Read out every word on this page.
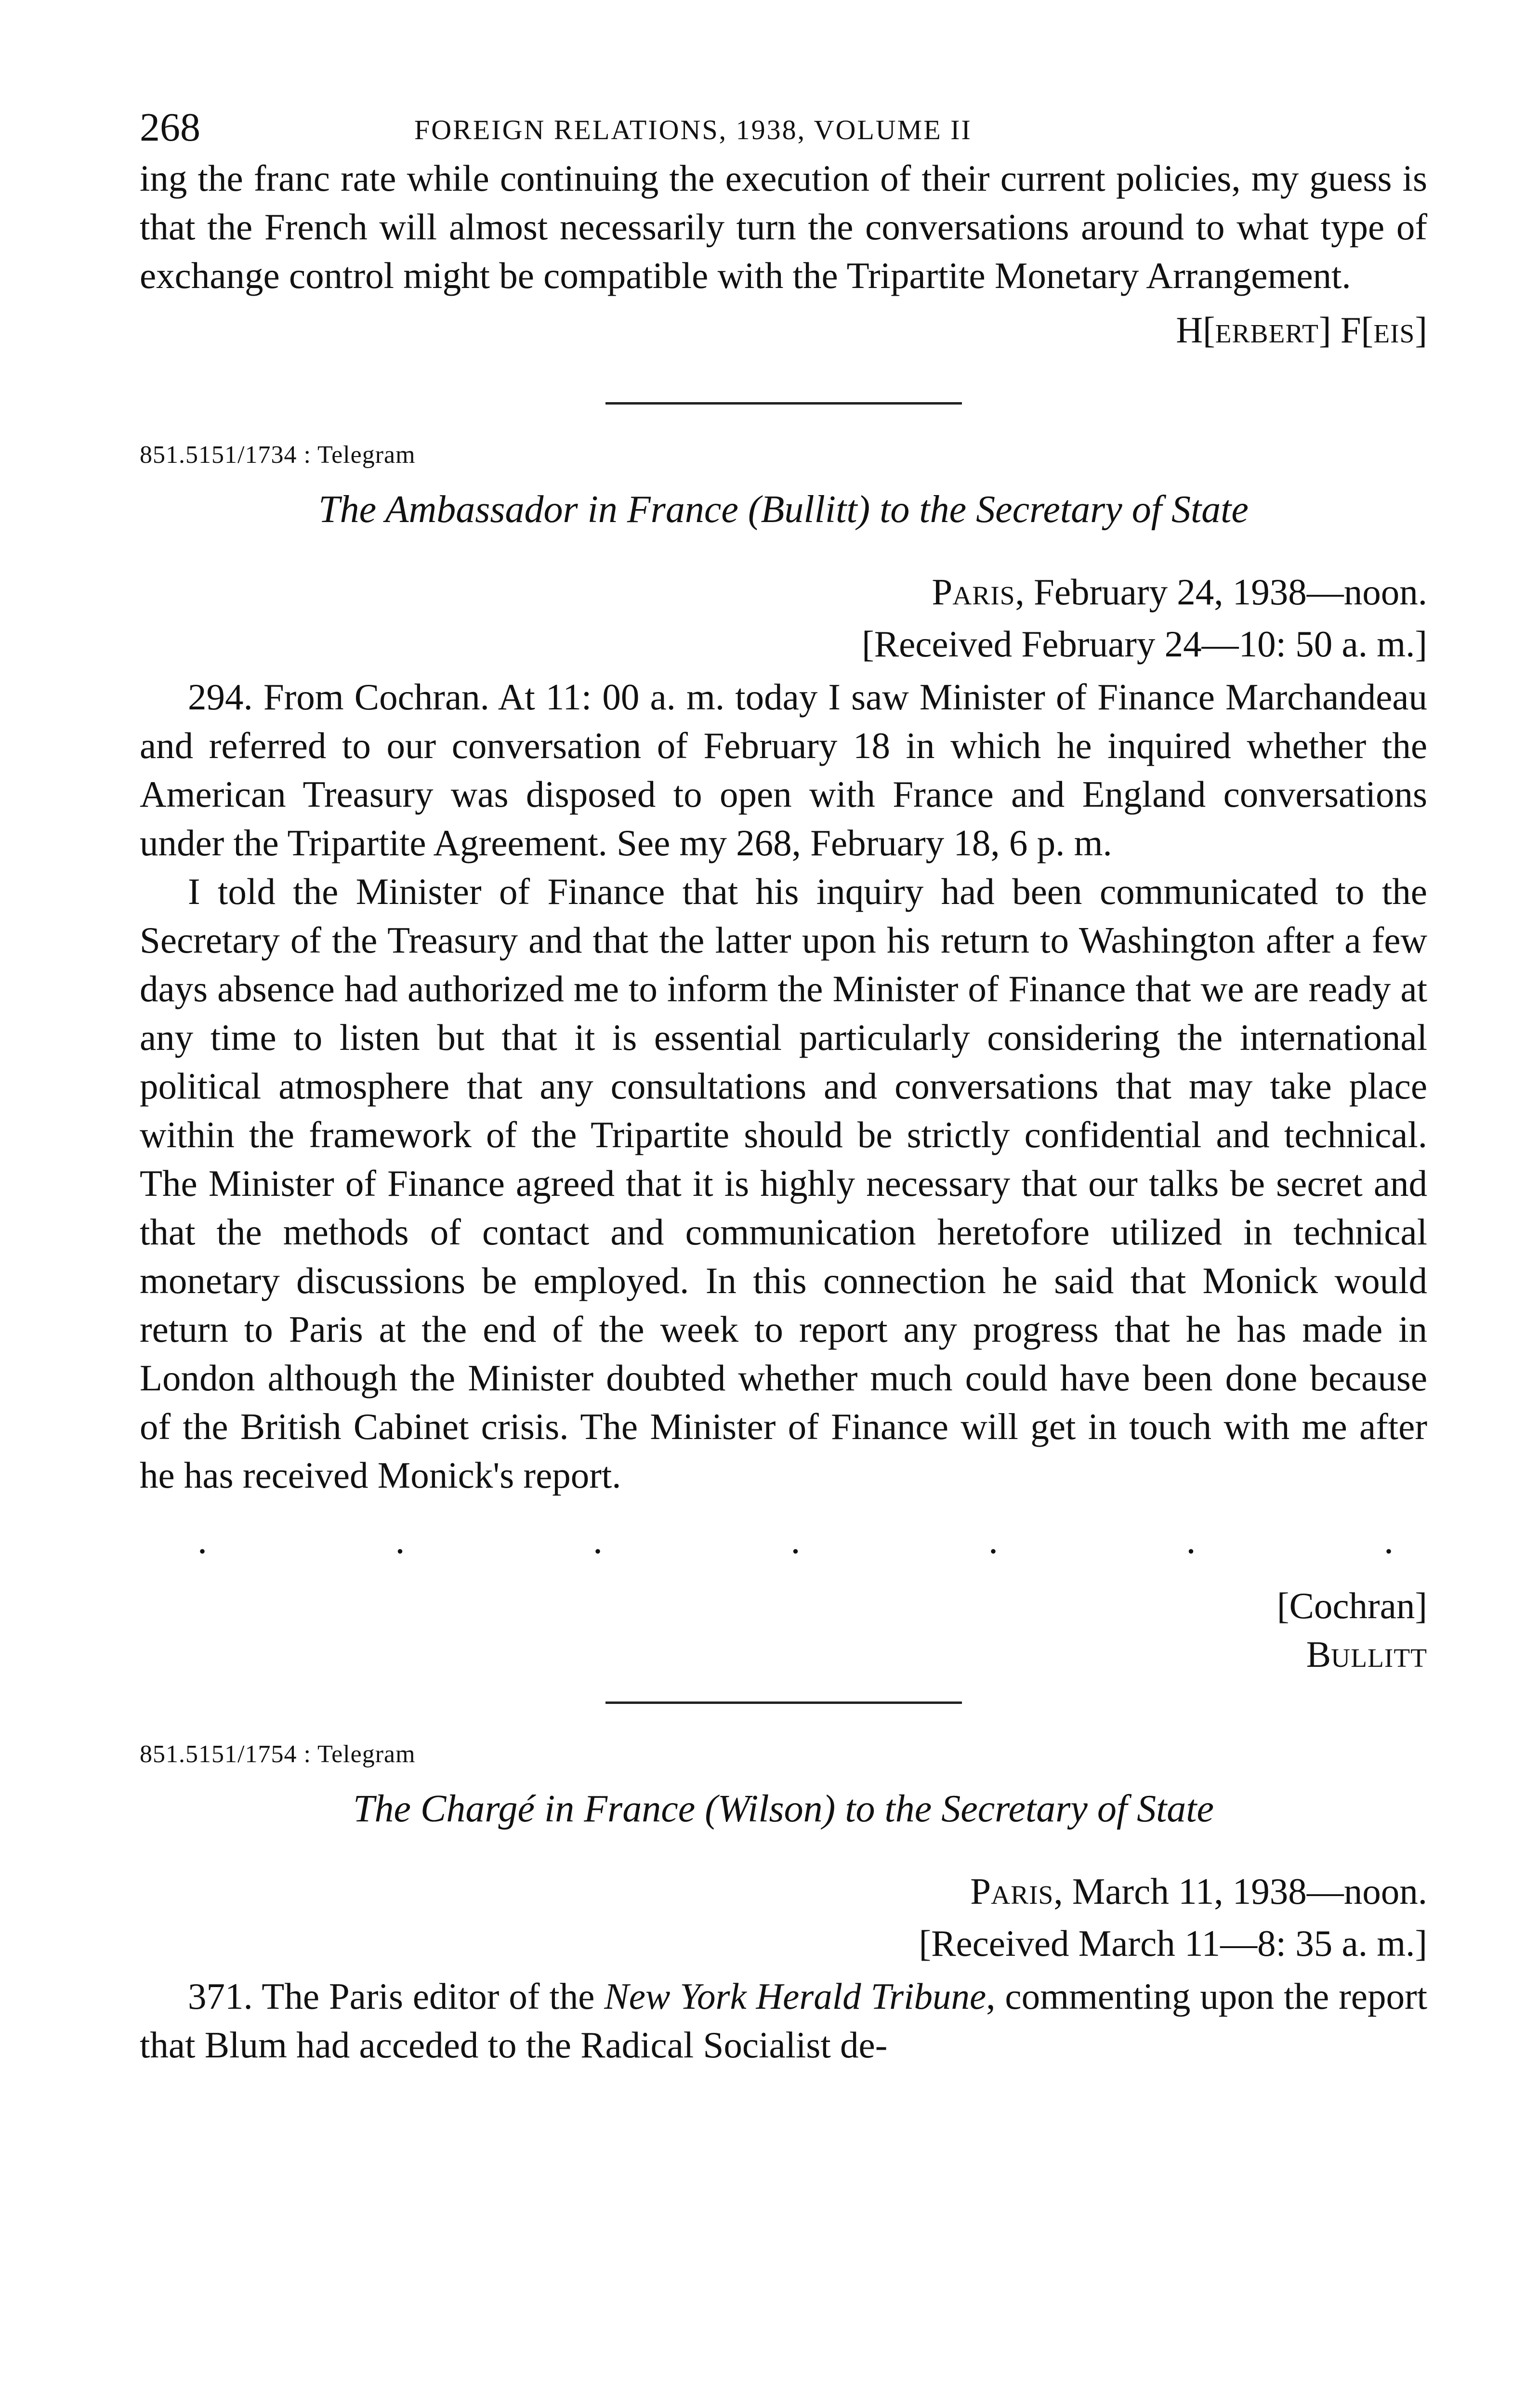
268	FOREIGN RELATIONS, 1938, VOLUME II

ing the franc rate while continuing the execution of their current policies, my guess is that the French will almost necessarily turn the conversations around to what type of exchange control might be compatible with the Tripartite Monetary Arrangement.

H[ERBERT] F[EIS]
851.5151/1734 : Telegram
The Ambassador in France (Bullitt) to the Secretary of State
PARIS, February 24, 1938—noon.
[Received February 24—10: 50 a. m.]

294. From Cochran. At 11: 00 a. m. today I saw Minister of Finance Marchandeau and referred to our conversation of February 18 in which he inquired whether the American Treasury was disposed to open with France and England conversations under the Tripartite Agreement. See my 268, February 18, 6 p. m.

I told the Minister of Finance that his inquiry had been communicated to the Secretary of the Treasury and that the latter upon his return to Washington after a few days absence had authorized me to inform the Minister of Finance that we are ready at any time to listen but that it is essential particularly considering the international political atmosphere that any consultations and conversations that may take place within the framework of the Tripartite should be strictly confidential and technical. The Minister of Finance agreed that it is highly necessary that our talks be secret and that the methods of contact and communication heretofore utilized in technical monetary discussions be employed. In this connection he said that Monick would return to Paris at the end of the week to report any progress that he has made in London although the Minister doubted whether much could have been done because of the British Cabinet crisis. The Minister of Finance will get in touch with me after he has received Monick's report.

.	.	.	.	.	.	.
[Cochran]
BULLITT
851.5151/1754 : Telegram
The Chargé in France (Wilson) to the Secretary of State
PARIS, March 11, 1938—noon.
[Received March 11—8: 35 a. m.]

371. The Paris editor of the New York Herald Tribune, commenting upon the report that Blum had acceded to the Radical Socialist de-
